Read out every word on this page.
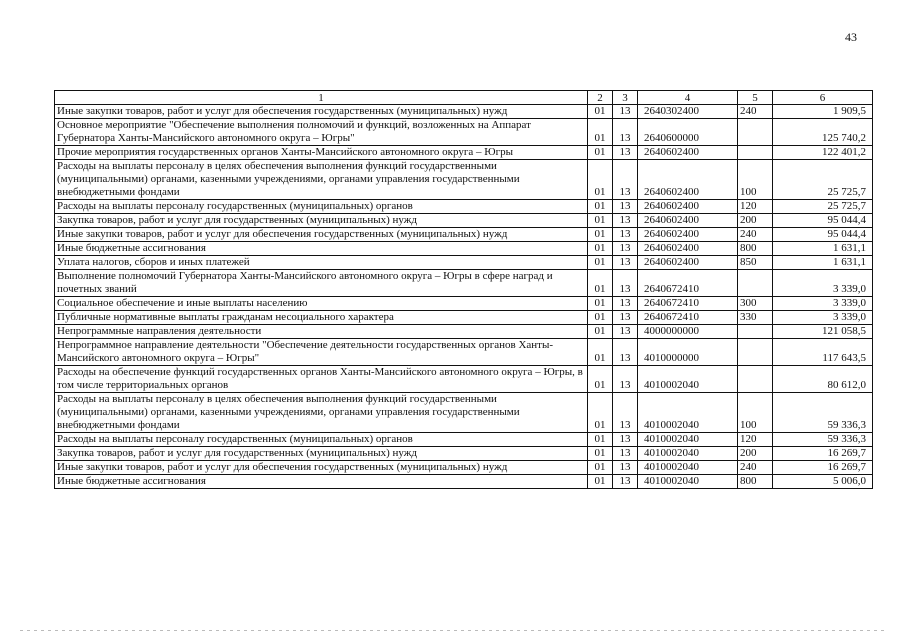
43
1	2	3	4	5	6
Иные закупки товаров, работ и услуг для обеспечения государственных (муниципальных) нужд	01	13	2640302400	240	1 909,5
Основное мероприятие "Обеспечение выполнения полномочий и функций, возложенных на Аппарат Губернатора Ханты-Мансийского автономного округа – Югры"	01	13	2640600000		125 740,2
Прочие мероприятия государственных органов Ханты-Мансийского автономного округа – Югры	01	13	2640602400		122 401,2
Расходы на выплаты персоналу в целях обеспечения выполнения функций государственными (муниципальными) органами, казенными учреждениями, органами управления государственными внебюджетными фондами	01	13	2640602400	100	25 725,7
Расходы на выплаты персоналу государственных (муниципальных) органов	01	13	2640602400	120	25 725,7
Закупка товаров, работ и услуг для государственных (муниципальных) нужд	01	13	2640602400	200	95 044,4
Иные закупки товаров, работ и услуг для обеспечения государственных (муниципальных) нужд	01	13	2640602400	240	95 044,4
Иные бюджетные ассигнования	01	13	2640602400	800	1 631,1
Уплата налогов, сборов и иных платежей	01	13	2640602400	850	1 631,1
Выполнение полномочий Губернатора Ханты-Мансийского автономного округа – Югры в сфере наград и почетных званий	01	13	2640672410		3 339,0
Социальное обеспечение и иные выплаты населению	01	13	2640672410	300	3 339,0
Публичные нормативные выплаты гражданам несоциального характера	01	13	2640672410	330	3 339,0
Непрограммные направления деятельности	01	13	4000000000		121 058,5
Непрограммное направление деятельности "Обеспечение деятельности государственных органов Ханты-Мансийского автономного округа – Югры"	01	13	4010000000		117 643,5
Расходы на обеспечение функций государственных органов Ханты-Мансийского автономного округа – Югры, в том числе территориальных органов	01	13	4010002040		80 612,0
Расходы на выплаты персоналу в целях обеспечения выполнения функций государственными (муниципальными) органами, казенными учреждениями, органами управления государственными внебюджетными фондами	01	13	4010002040	100	59 336,3
Расходы на выплаты персоналу государственных (муниципальных) органов	01	13	4010002040	120	59 336,3
Закупка товаров, работ и услуг для государственных (муниципальных) нужд	01	13	4010002040	200	16 269,7
Иные закупки товаров, работ и услуг для обеспечения государственных (муниципальных) нужд	01	13	4010002040	240	16 269,7
Иные бюджетные ассигнования	01	13	4010002040	800	5 006,0
